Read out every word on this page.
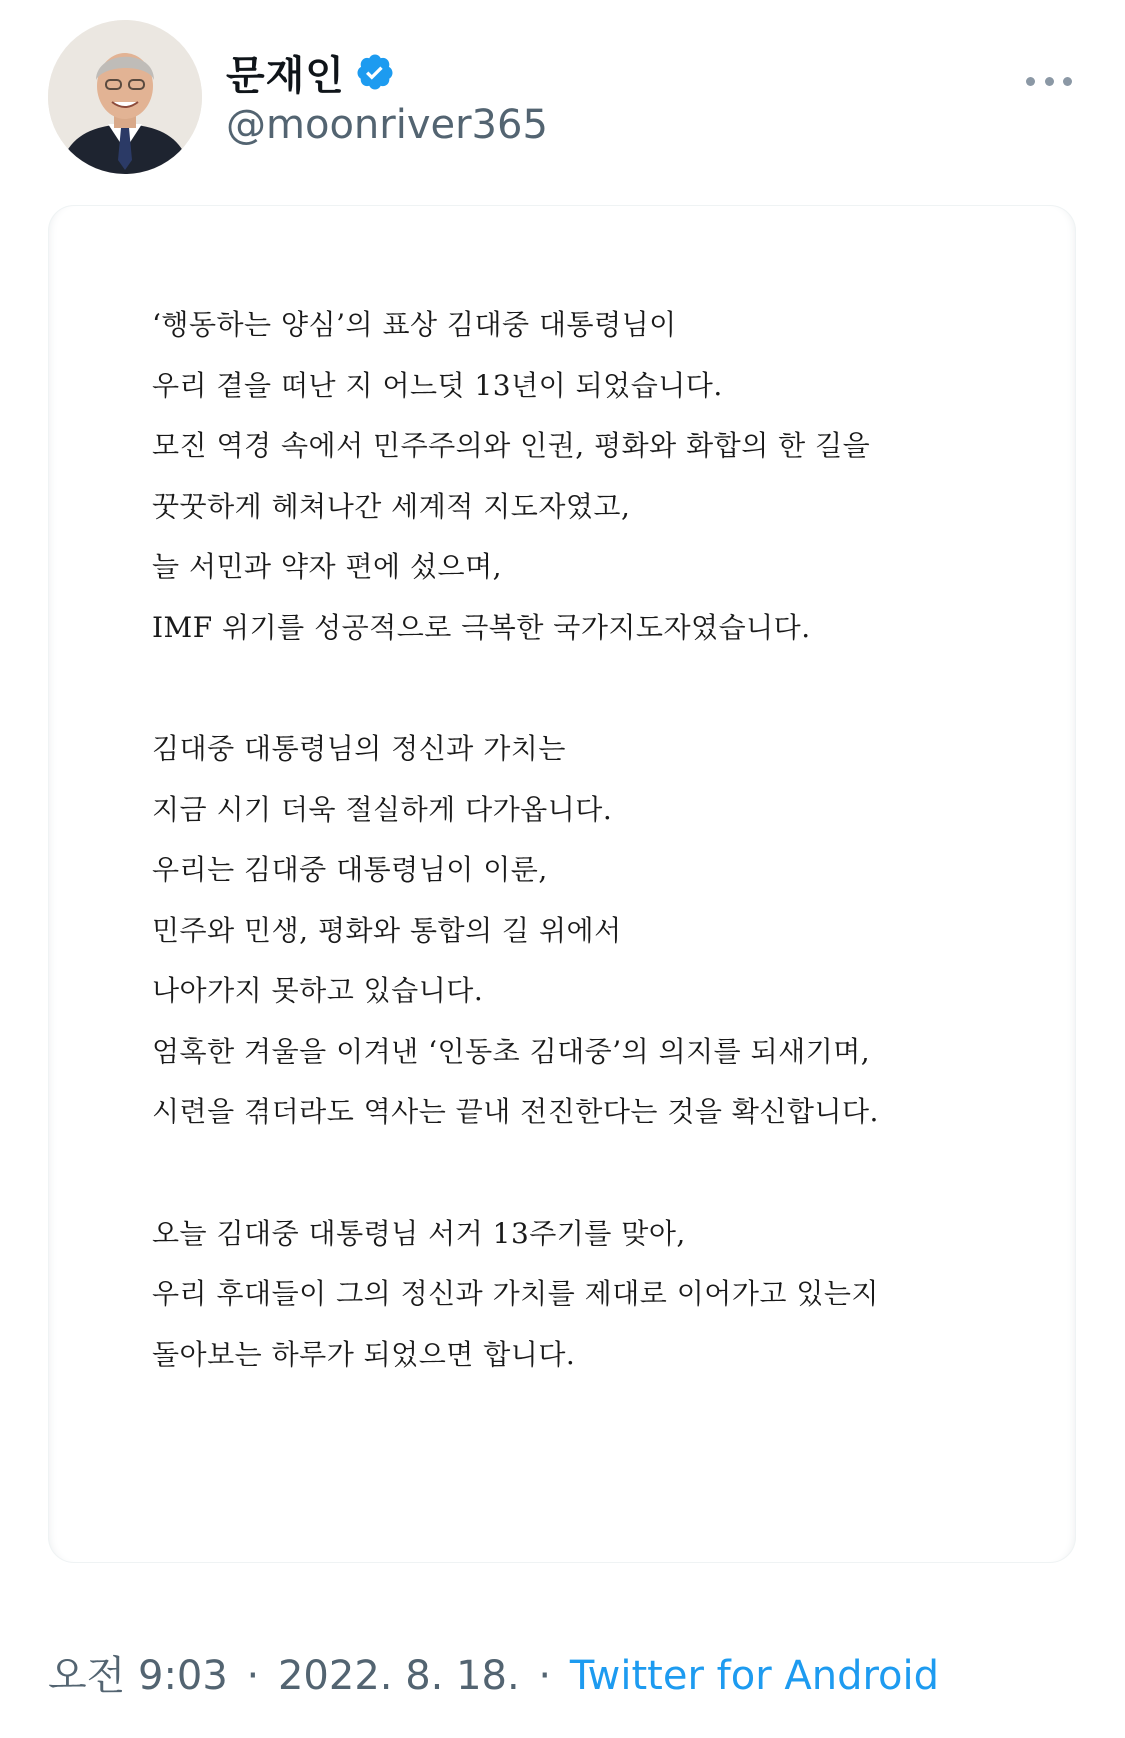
문재인
@moonriver365
‘행동하는 양심’의 표상 김대중 대통령님이
우리 곁을 떠난 지 어느덧 13년이 되었습니다.
모진 역경 속에서 민주주의와 인권, 평화와 화합의 한 길을
꿋꿋하게 헤쳐나간 세계적 지도자였고,
늘 서민과 약자 편에 섰으며,
IMF 위기를 성공적으로 극복한 국가지도자였습니다.
김대중 대통령님의 정신과 가치는
지금 시기 더욱 절실하게 다가옵니다.
우리는 김대중 대통령님이 이룬,
민주와 민생, 평화와 통합의 길 위에서
나아가지 못하고 있습니다.
엄혹한 겨울을 이겨낸 ‘인동초 김대중’의 의지를 되새기며,
시련을 겪더라도 역사는 끝내 전진한다는 것을 확신합니다.
오늘 김대중 대통령님 서거 13주기를 맞아,
우리 후대들이 그의 정신과 가치를 제대로 이어가고 있는지
돌아보는 하루가 되었으면 합니다.
오전 9:03 · 2022. 8. 18. · Twitter for Android
